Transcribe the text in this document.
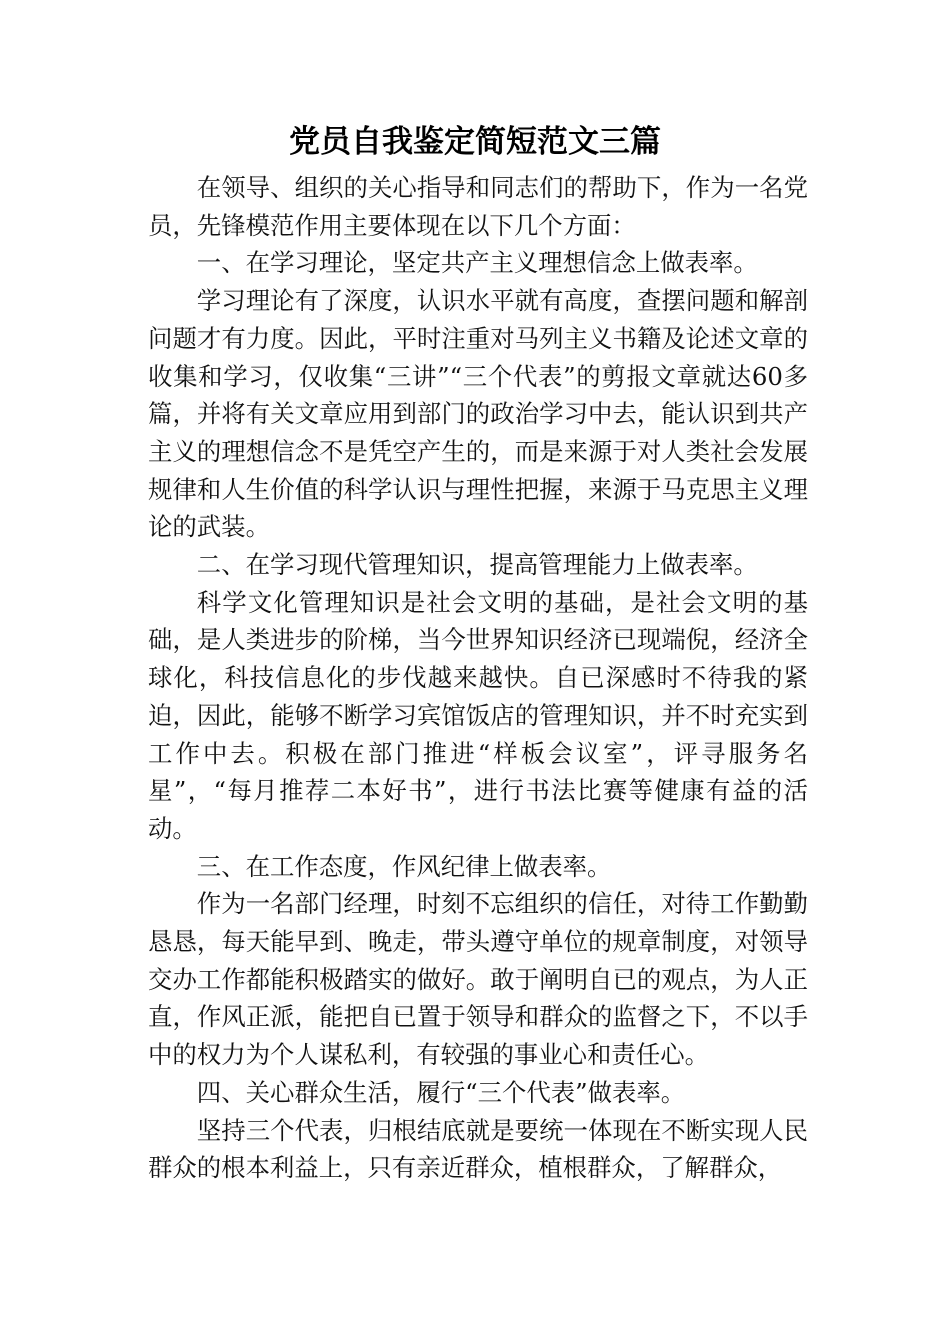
党员自我鉴定简短范文三篇

在领导、组织的关心指导和同志们的帮助下，作为一名党员，先锋模范作用主要体现在以下几个方面：

一、在学习理论，坚定共产主义理想信念上做表率。

学习理论有了深度，认识水平就有高度，查摆问题和解剖问题才有力度。因此，平时注重对马列主义书籍及论述文章的收集和学习，仅收集“三讲”“三个代表”的剪报文章就达60多篇，并将有关文章应用到部门的政治学习中去，能认识到共产主义的理想信念不是凭空产生的，而是来源于对人类社会发展规律和人生价值的科学认识与理性把握，来源于马克思主义理论的武装。

二、在学习现代管理知识，提高管理能力上做表率。

科学文化管理知识是社会文明的基础，是社会文明的基础，是人类进步的阶梯，当今世界知识经济已现端倪，经济全球化，科技信息化的步伐越来越快。自已深感时不待我的紧迫，因此，能够不断学习宾馆饭店的管理知识，并不时充实到工作中去。积极在部门推进“样板会议室”，评寻服务名星”，“每月推荐二本好书”，进行书法比赛等健康有益的活动。

三、在工作态度，作风纪律上做表率。

作为一名部门经理，时刻不忘组织的信任，对待工作勤勤恳恳，每天能早到、晚走，带头遵守单位的规章制度，对领导交办工作都能积极踏实的做好。敢于阐明自已的观点，为人正直，作风正派，能把自已置于领导和群众的监督之下，不以手中的权力为个人谋私利，有较强的事业心和责任心。

四、关心群众生活，履行“三个代表”做表率。

坚持三个代表，归根结底就是要统一体现在不断实现人民群众的根本利益上，只有亲近群众，植根群众，了解群众，
